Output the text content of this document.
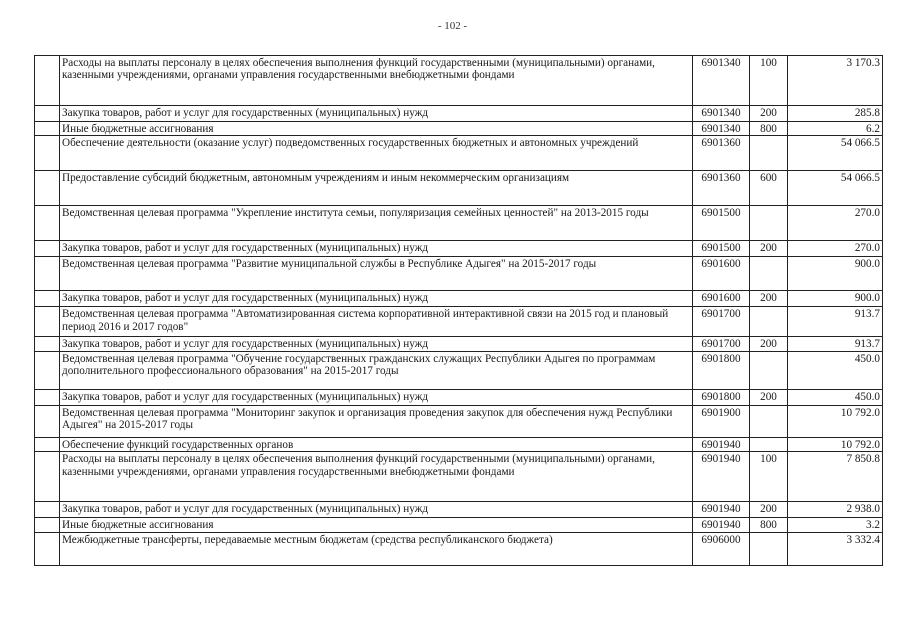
- 102 -
	Расходы на выплаты персоналу в целях обеспечения выполнения функций государственными (муниципальными) органами, казенными учреждениями, органами управления государственными внебюджетными фондами	6901340	100	3 170.3
	Закупка товаров, работ и услуг для государственных (муниципальных) нужд	6901340	200	285.8
	Иные бюджетные ассигнования	6901340	800	6.2
	Обеспечение деятельности (оказание услуг) подведомственных государственных бюджетных и автономных учреждений	6901360		54 066.5
	Предоставление субсидий бюджетным, автономным учреждениям и иным некоммерческим организациям	6901360	600	54 066.5
	Ведомственная целевая программа "Укрепление института семьи, популяризация семейных ценностей" на 2013-2015 годы	6901500		270.0
	Закупка товаров, работ и услуг для государственных (муниципальных) нужд	6901500	200	270.0
	Ведомственная целевая программа "Развитие муниципальной службы в Республике Адыгея" на 2015-2017 годы	6901600		900.0
	Закупка товаров, работ и услуг для государственных (муниципальных) нужд	6901600	200	900.0
	Ведомственная целевая программа "Автоматизированная система корпоративной интерактивной связи на 2015 год и плановый период 2016 и 2017 годов"	6901700		913.7
	Закупка товаров, работ и услуг для государственных (муниципальных) нужд	6901700	200	913.7
	Ведомственная целевая программа "Обучение государственных гражданских служащих Республики Адыгея по программам дополнительного профессионального образования" на 2015-2017 годы	6901800		450.0
	Закупка товаров, работ и услуг для государственных (муниципальных) нужд	6901800	200	450.0
	Ведомственная целевая программа "Мониторинг закупок и организация проведения закупок для обеспечения нужд Республики Адыгея" на 2015-2017 годы	6901900		10 792.0
	Обеспечение функций государственных органов	6901940		10 792.0
	Расходы на выплаты персоналу в целях обеспечения выполнения функций государственными (муниципальными) органами, казенными учреждениями, органами управления государственными внебюджетными фондами	6901940	100	7 850.8
	Закупка товаров, работ и услуг для государственных (муниципальных) нужд	6901940	200	2 938.0
	Иные бюджетные ассигнования	6901940	800	3.2
	Межбюджетные трансферты, передаваемые местным бюджетам (средства республиканского бюджета)	6906000		3 332.4
